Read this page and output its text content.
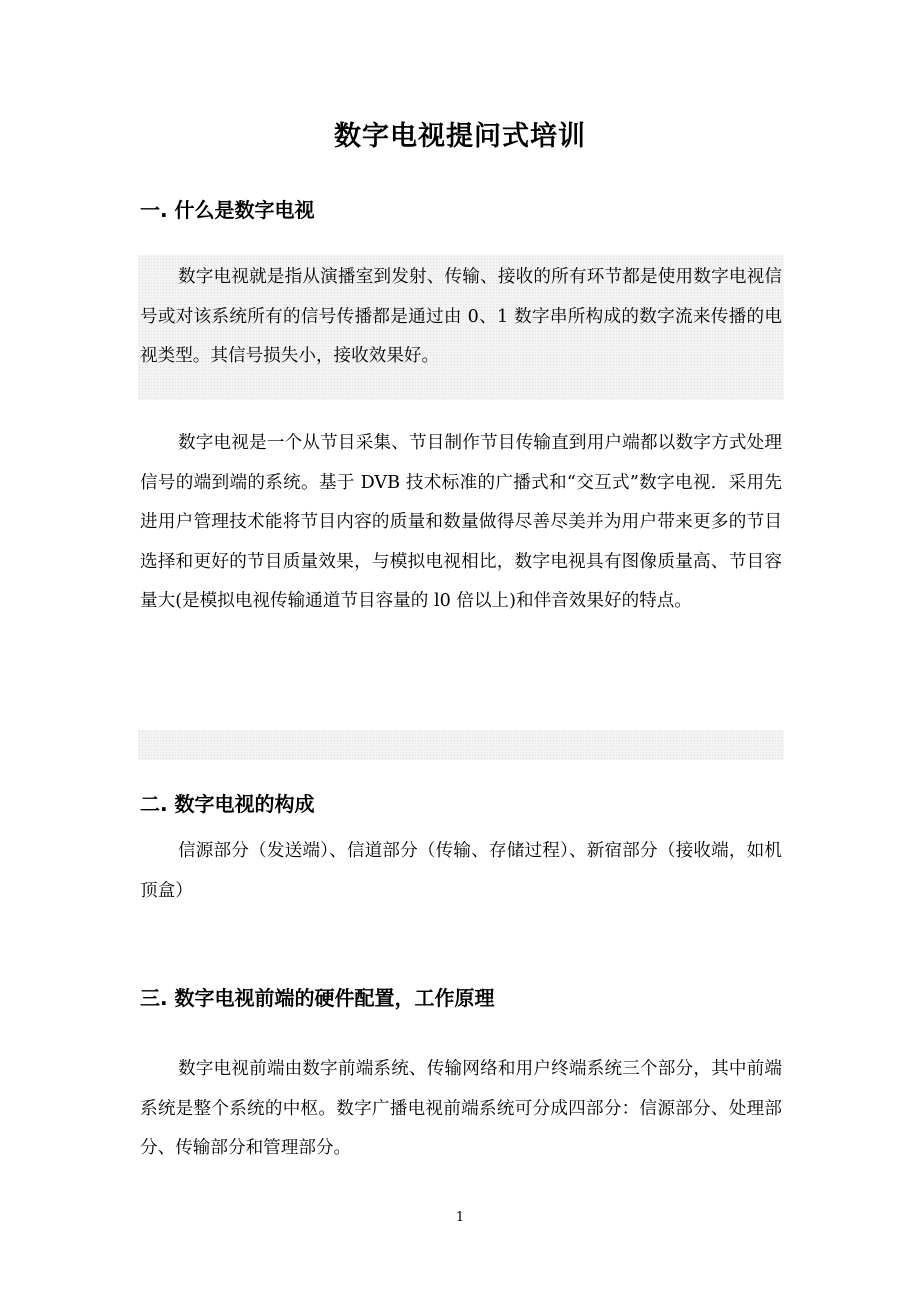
数字电视提问式培训
一. 什么是数字电视

数字电视就是指从演播室到发射、传输、接收的所有环节都是使用数字电视信号或对该系统所有的信号传播都是通过由 0、1 数字串所构成的数字流来传播的电视类型。其信号损失小，接收效果好。

数字电视是一个从节目采集、节目制作节目传输直到用户端都以数字方式处理信号的端到端的系统。基于 DVB 技术标准的广播式和“交互式”数字电视．采用先进用户管理技术能将节目内容的质量和数量做得尽善尽美并为用户带来更多的节目选择和更好的节目质量效果，与模拟电视相比，数字电视具有图像质量高、节目容量大(是模拟电视传输通道节目容量的 l0 倍以上)和伴音效果好的特点。

二. 数字电视的构成

信源部分（发送端）、信道部分（传输、存储过程）、新宿部分（接收端，如机顶盒）

三. 数字电视前端的硬件配置，工作原理

数字电视前端由数字前端系统、传输网络和用户终端系统三个部分，其中前端系统是整个系统的中枢。数字广播电视前端系统可分成四部分：信源部分、处理部分、传输部分和管理部分。

1
